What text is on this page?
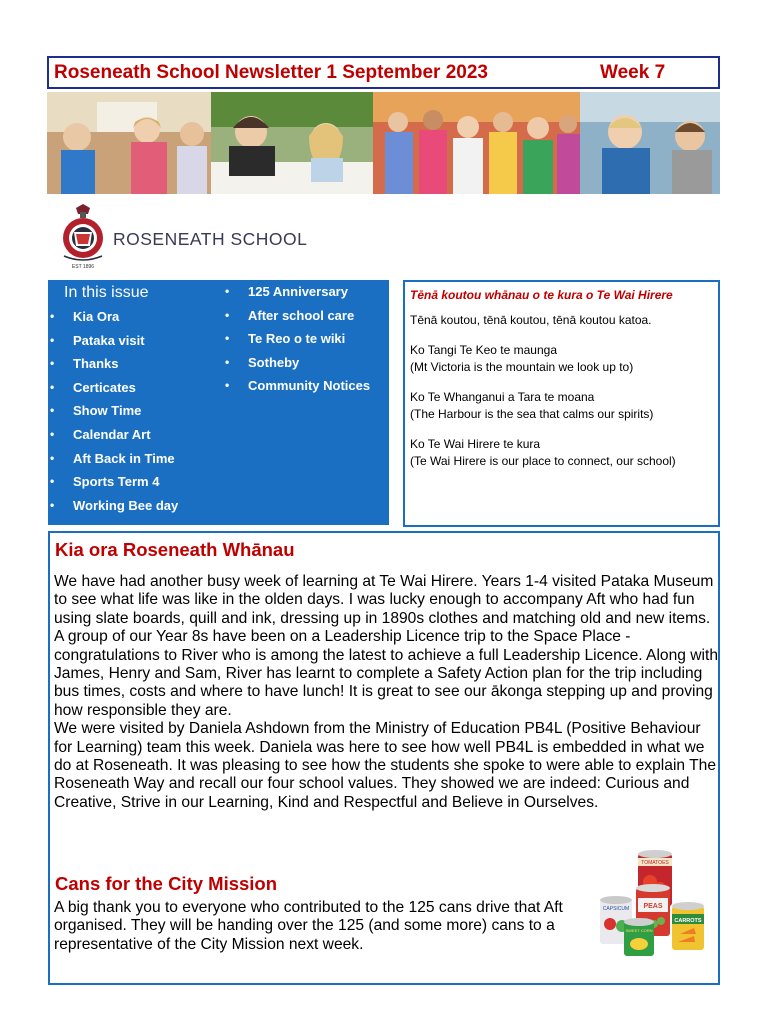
Roseneath School Newsletter 1 September 2023	Week 7
EST 1896
ROSENEATH SCHOOL
In this issue
• Kia Ora
• Pataka visit
• Thanks
• Certicates
• Show Time
• Calendar Art
• Aft Back in Time
• Sports Term 4
• Working Bee day
• 125 Anniversary
• After school care
• Te Reo o te wiki
• Sotheby
• Community Notices
Tēnā koutou whānau o te kura o Te Wai Hirere

Tēnā koutou, tēnā koutou, tēnā koutou katoa.

Ko Tangi Te Keo te maunga
(Mt Victoria is the mountain we look up to)

Ko Te Whanganui a Tara te moana
(The Harbour is the sea that calms our spirits)

Ko Te Wai Hirere te kura
(Te Wai Hirere is our place to connect, our school)

Kia ora Roseneath Whānau

We have had another busy week of learning at Te Wai Hirere. Years 1-4 visited Pataka Museum to see what life was like in the olden days. I was lucky enough to accompany Aft who had fun using slate boards, quill and ink, dressing up in 1890s clothes and matching old and new items. A group of our Year 8s have been on a Leadership Licence trip to the Space Place - congratulations to River who is among the latest to achieve a full Leadership Licence. Along with James, Henry and Sam, River has learnt to complete a Safety Action plan for the trip including bus times, costs and where to have lunch! It is great to see our ākonga stepping up and proving how responsible they are.

We were visited by Daniela Ashdown from the Ministry of Education PB4L (Positive Behaviour for Learning) team this week. Daniela was here to see how well PB4L is embedded in what we do at Roseneath. It was pleasing to see how the students she spoke to were able to explain The Roseneath Way and recall our four school values. They showed we are indeed: Curious and Creative, Strive in our Learning, Kind and Respectful and Believe in Ourselves.

Cans for the City Mission

A big thank you to everyone who contributed to the 125 cans drive that Aft organised. They will be handing over the 125 (and some more) cans to a representative of the City Mission next week.

TOMATOES
PEAS
CAPSICUM
SWEET CORN
CARROTS
